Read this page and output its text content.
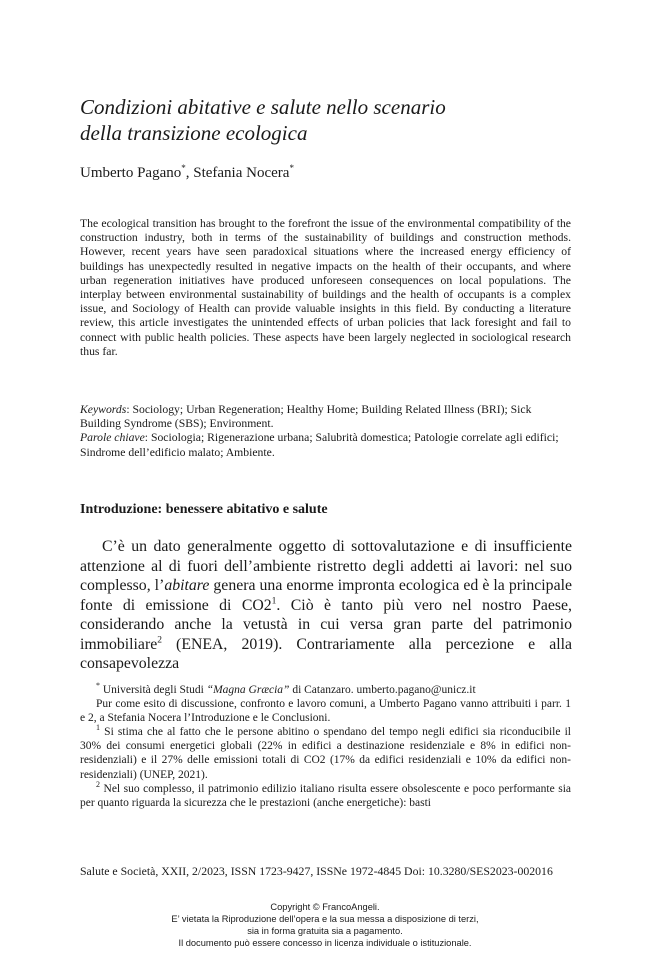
Condizioni abitative e salute nello scenario
della transizione ecologica

Umberto Pagano*, Stefania Nocera*

The ecological transition has brought to the forefront the issue of the environmental compatibility of the construction industry, both in terms of the sustainability of buildings and construction methods. However, recent years have seen paradoxical situations where the increased energy efficiency of buildings has unexpectedly resulted in negative impacts on the health of their occupants, and where urban regeneration initiatives have produced unforeseen consequences on local populations. The interplay between environmental sustainability of buildings and the health of occupants is a complex issue, and Sociology of Health can provide valuable insights in this field. By conducting a literature review, this article investigates the unintended effects of urban policies that lack foresight and fail to connect with public health policies. These aspects have been largely neglected in sociological research thus far.

Keywords: Sociology; Urban Regeneration; Healthy Home; Building Related Illness (BRI); Sick Building Syndrome (SBS); Environment.

Parole chiave: Sociologia; Rigenerazione urbana; Salubrità domestica; Patologie correlate agli edifici; Sindrome dell’edificio malato; Ambiente.

Introduzione: benessere abitativo e salute

C’è un dato generalmente oggetto di sottovalutazione e di insufficiente attenzione al di fuori dell’ambiente ristretto degli addetti ai lavori: nel suo complesso, l’abitare genera una enorme impronta ecologica ed è la principale fonte di emissione di $CO2^1$. Ciò è tanto più vero nel nostro Paese, considerando anche la vetustà in cui versa gran parte del patrimonio immobiliare$^2$ (ENEA, 2019). Contrariamente alla percezione e alla consapevolezza

* Università degli Studi “Magna Græcia” di Catanzaro. umberto.pagano@unicz.it

Pur come esito di discussione, confronto e lavoro comuni, a Umberto Pagano vanno attribuiti i parr. 1 e 2, a Stefania Nocera l’Introduzione e le Conclusioni.

$^1$ Si stima che al fatto che le persone abitino o spendano del tempo negli edifici sia riconducibile il 30% dei consumi energetici globali (22% in edifici a destinazione residenziale e 8% in edifici non-residenziali) e il 27% delle emissioni totali di CO2 (17% da edifici residenziali e 10% da edifici non-residenziali) (UNEP, 2021).

$^2$ Nel suo complesso, il patrimonio edilizio italiano risulta essere obsolescente e poco performante sia per quanto riguarda la sicurezza che le prestazioni (anche energetiche): basti

Salute e Società, XXII, 2/2023, ISSN 1723-9427, ISSNe 1972-4845 Doi: 10.3280/SES2023-002016

Copyright © FrancoAngeli.
E’ vietata la Riproduzione dell’opera e la sua messa a disposizione di terzi,
sia in forma gratuita sia a pagamento.
Il documento può essere concesso in licenza individuale o istituzionale.
